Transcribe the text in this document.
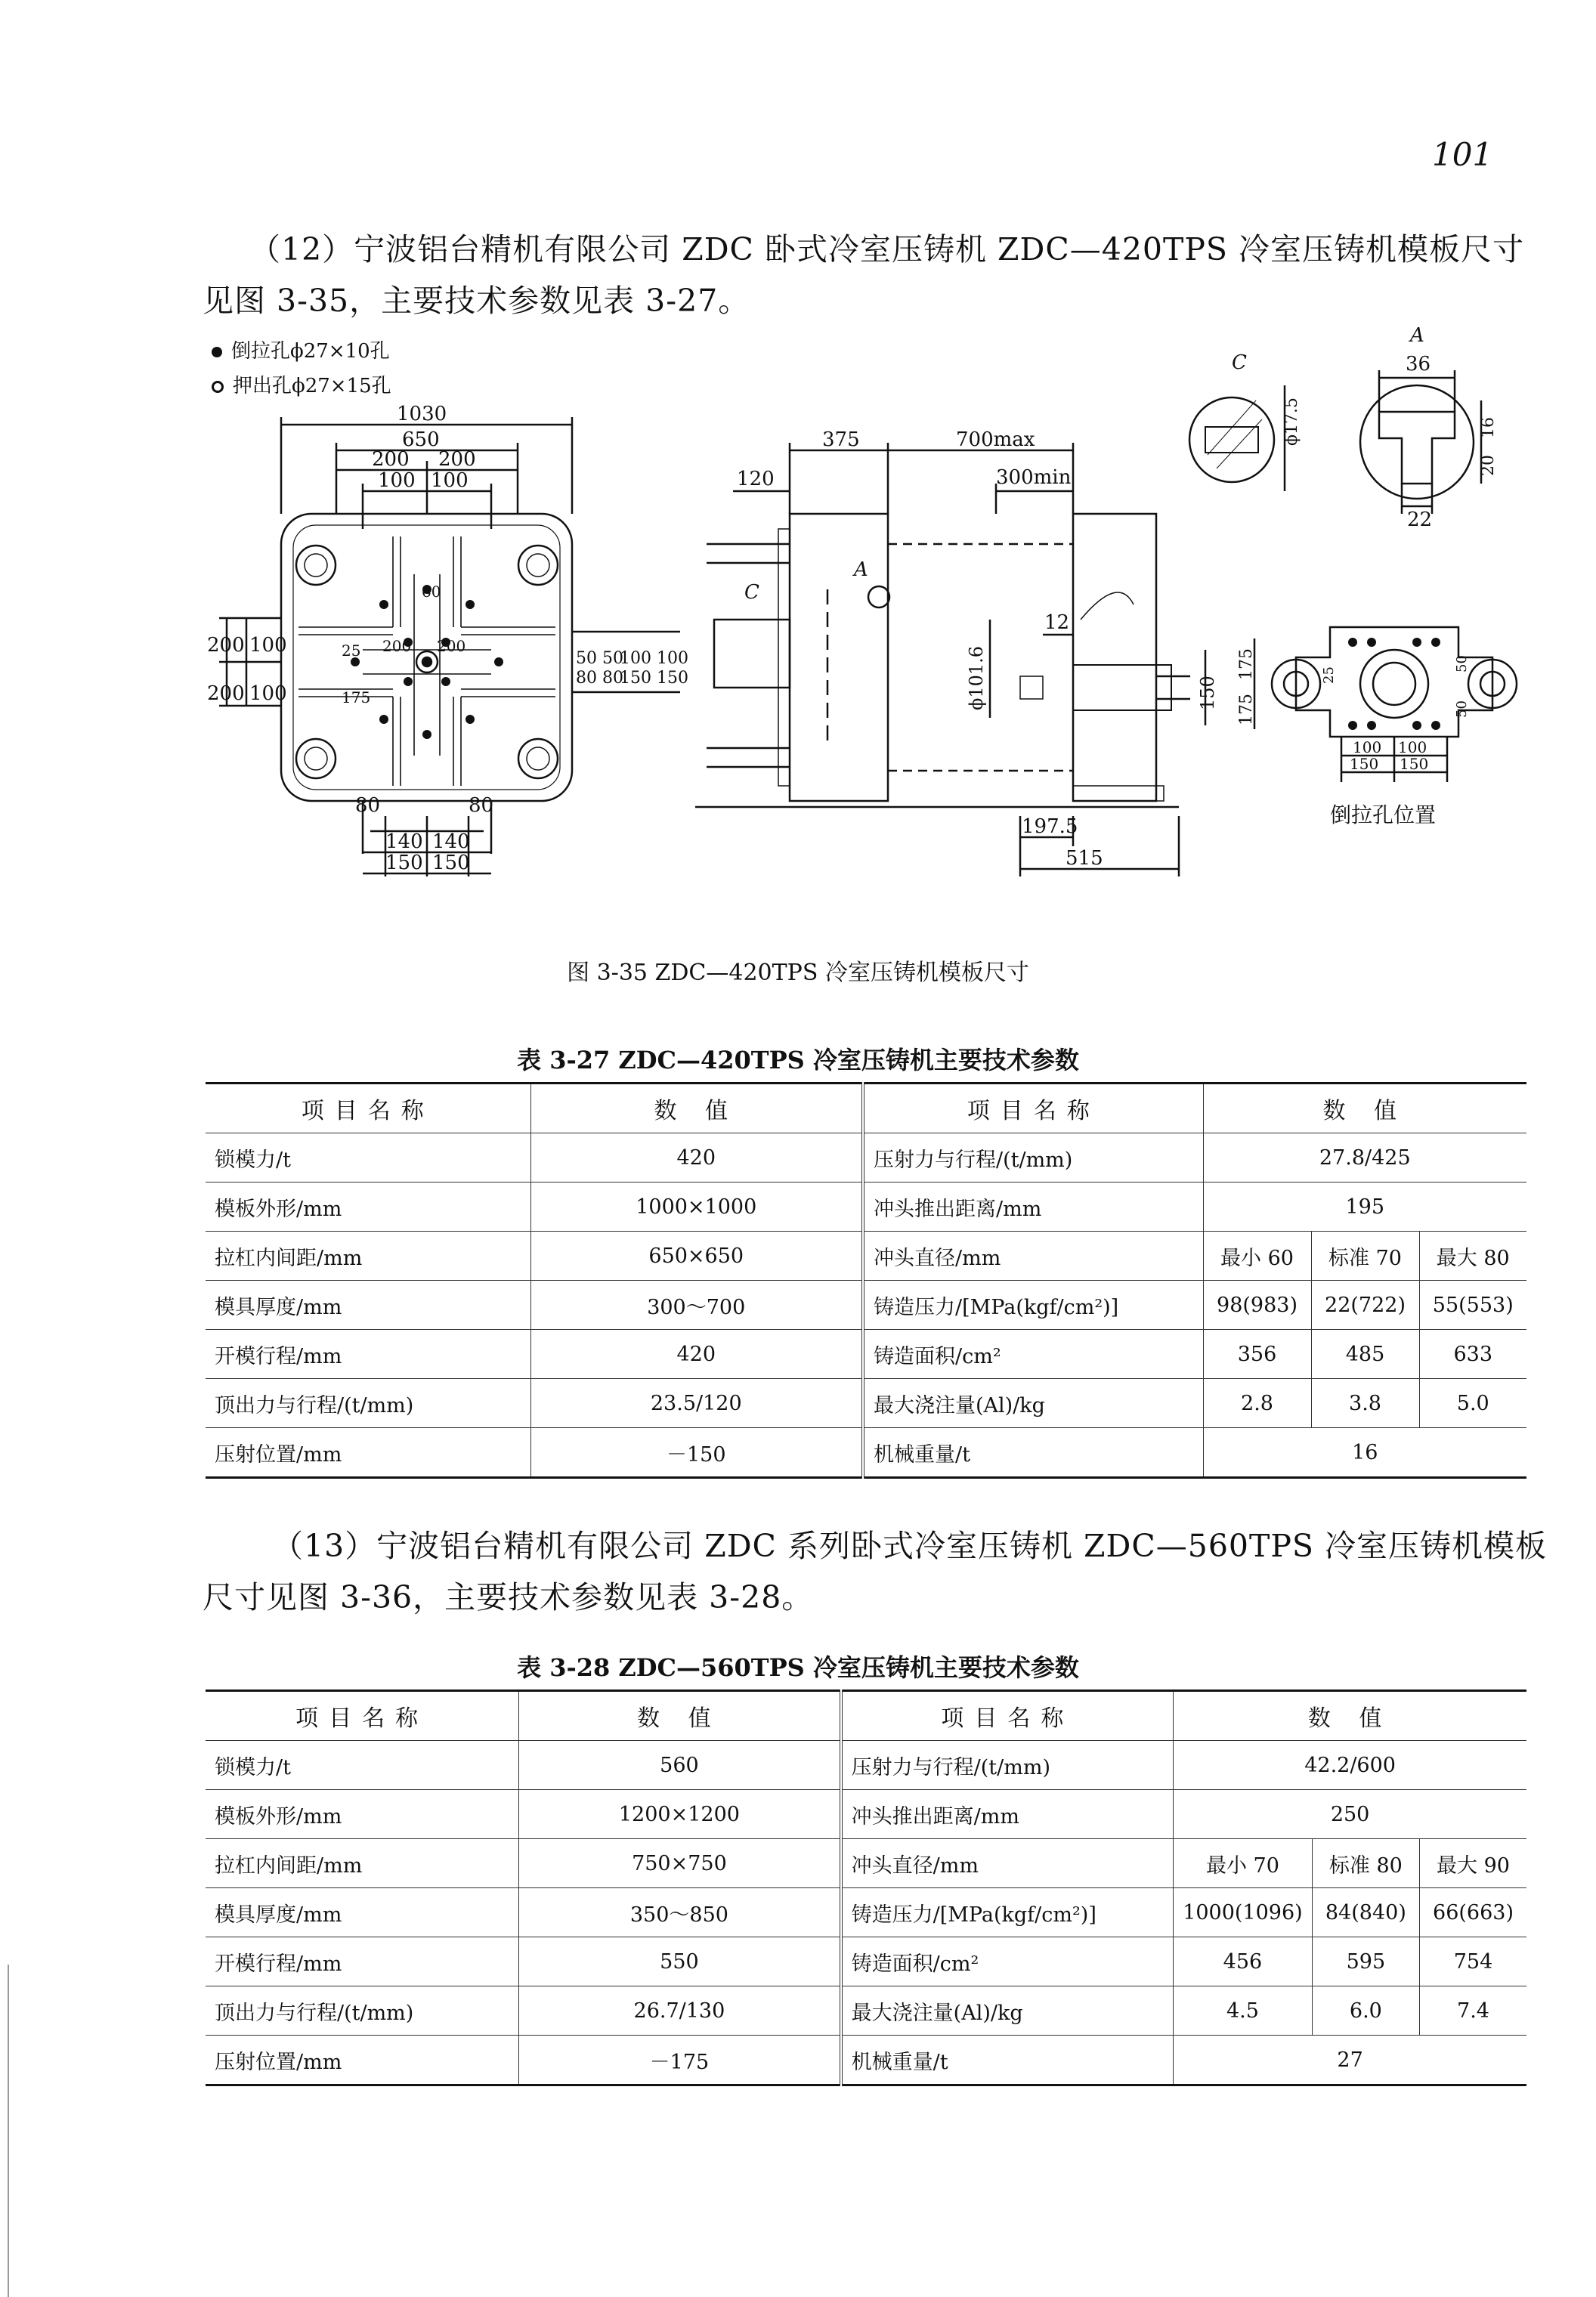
101
（12）宁波铝台精机有限公司 ZDC 卧式冷室压铸机 ZDC—420TPS 冷室压铸机模板尺寸
见图 3-35，主要技术参数见表 3-27。
倒拉孔ϕ27×10孔
押出孔ϕ27×15孔
1030
650
200 200
100 100
60
25 200 200
175
200 100
200 100
50 50
80 80
100 100
150 150
80	80
140 140
150 150
375	700max
120	300min
C
A
12
ϕ101.6	150
197.5
515
C
ϕ17.5
A
36
16
20
22
175
175
25
50
50
100 100
150 150
倒拉孔位置
图 3-35 ZDC—420TPS 冷室压铸机模板尺寸
表 3-27 ZDC—420TPS 冷室压铸机主要技术参数
项目名称	数 值	项目名称	数 值		
锁模力/t	420	压射力与行程/(t/mm)	27.8/425		
模板外形/mm	1000×1000	冲头推出距离/mm	195		
拉杠内间距/mm	650×650	冲头直径/mm	最小 60	标准 70	最大 80
模具厚度/mm	300～700	铸造压力/[MPa(kgf/cm²)]	98(983)	22(722)	55(553)
开模行程/mm	420	铸造面积/cm²	356	485	633
顶出力与行程/(t/mm)	23.5/120	最大浇注量(Al)/kg	2.8	3.8	5.0
压射位置/mm	－150	机械重量/t	16		
（13）宁波铝台精机有限公司 ZDC 系列卧式冷室压铸机 ZDC—560TPS 冷室压铸机模板
尺寸见图 3-36，主要技术参数见表 3-28。
表 3-28 ZDC—560TPS 冷室压铸机主要技术参数
项目名称	数 值	项目名称	数 值		
锁模力/t	560	压射力与行程/(t/mm)	42.2/600		
模板外形/mm	1200×1200	冲头推出距离/mm	250		
拉杠内间距/mm	750×750	冲头直径/mm	最小 70	标准 80	最大 90
模具厚度/mm	350～850	铸造压力/[MPa(kgf/cm²)]	1000(1096)	84(840)	66(663)
开模行程/mm	550	铸造面积/cm²	456	595	754
顶出力与行程/(t/mm)	26.7/130	最大浇注量(Al)/kg	4.5	6.0	7.4
压射位置/mm	－175	机械重量/t	27		
